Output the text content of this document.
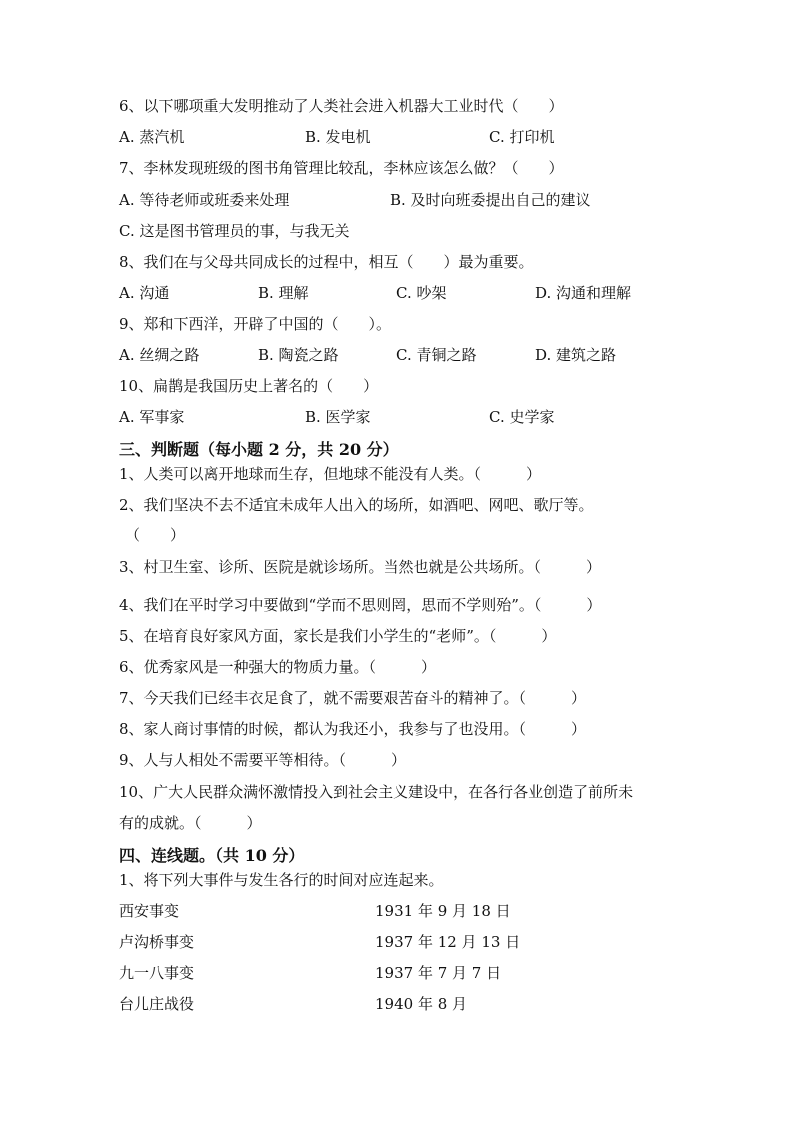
6、以下哪项重大发明推动了人类社会进入机器大工业时代（　　）
A. 蒸汽机	B. 发电机	C. 打印机
7、李林发现班级的图书角管理比较乱，李林应该怎么做？（　　）
A. 等待老师或班委来处理	B. 及时向班委提出自己的建议
C. 这是图书管理员的事，与我无关
8、我们在与父母共同成长的过程中，相互（　　）最为重要。
A. 沟通	B. 理解	C. 吵架	D. 沟通和理解
9、郑和下西洋，开辟了中国的（　　）。
A. 丝绸之路	B. 陶瓷之路	C. 青铜之路	D. 建筑之路
10、扁鹊是我国历史上著名的（　　）
A. 军事家	B. 医学家	C. 史学家
三、判断题（每小题 2 分，共 20 分）
1、人类可以离开地球而生存，但地球不能没有人类。（　　　）
2、我们坚决不去不适宜未成年人出入的场所，如酒吧、网吧、歌厅等。
（　　）
3、村卫生室、诊所、医院是就诊场所。当然也就是公共场所。（　　　）
4、我们在平时学习中要做到“学而不思则罔，思而不学则殆”。（　　　）
5、在培育良好家风方面，家长是我们小学生的“老师”。（　　　）
6、优秀家风是一种强大的物质力量。（　　　）
7、今天我们已经丰衣足食了，就不需要艰苦奋斗的精神了。（　　　）
8、家人商讨事情的时候，都认为我还小，我参与了也没用。（　　　）
9、人与人相处不需要平等相待。（　　　）
10、广大人民群众满怀激情投入到社会主义建设中，在各行各业创造了前所未
有的成就。（　　　）
四、连线题。（共 10 分）
1、将下列大事件与发生各行的时间对应连起来。
西安事变	1931 年 9 月 18 日
卢沟桥事变	1937 年 12 月 13 日
九一八事变	1937 年 7 月 7 日
台儿庄战役	1940 年 8 月
